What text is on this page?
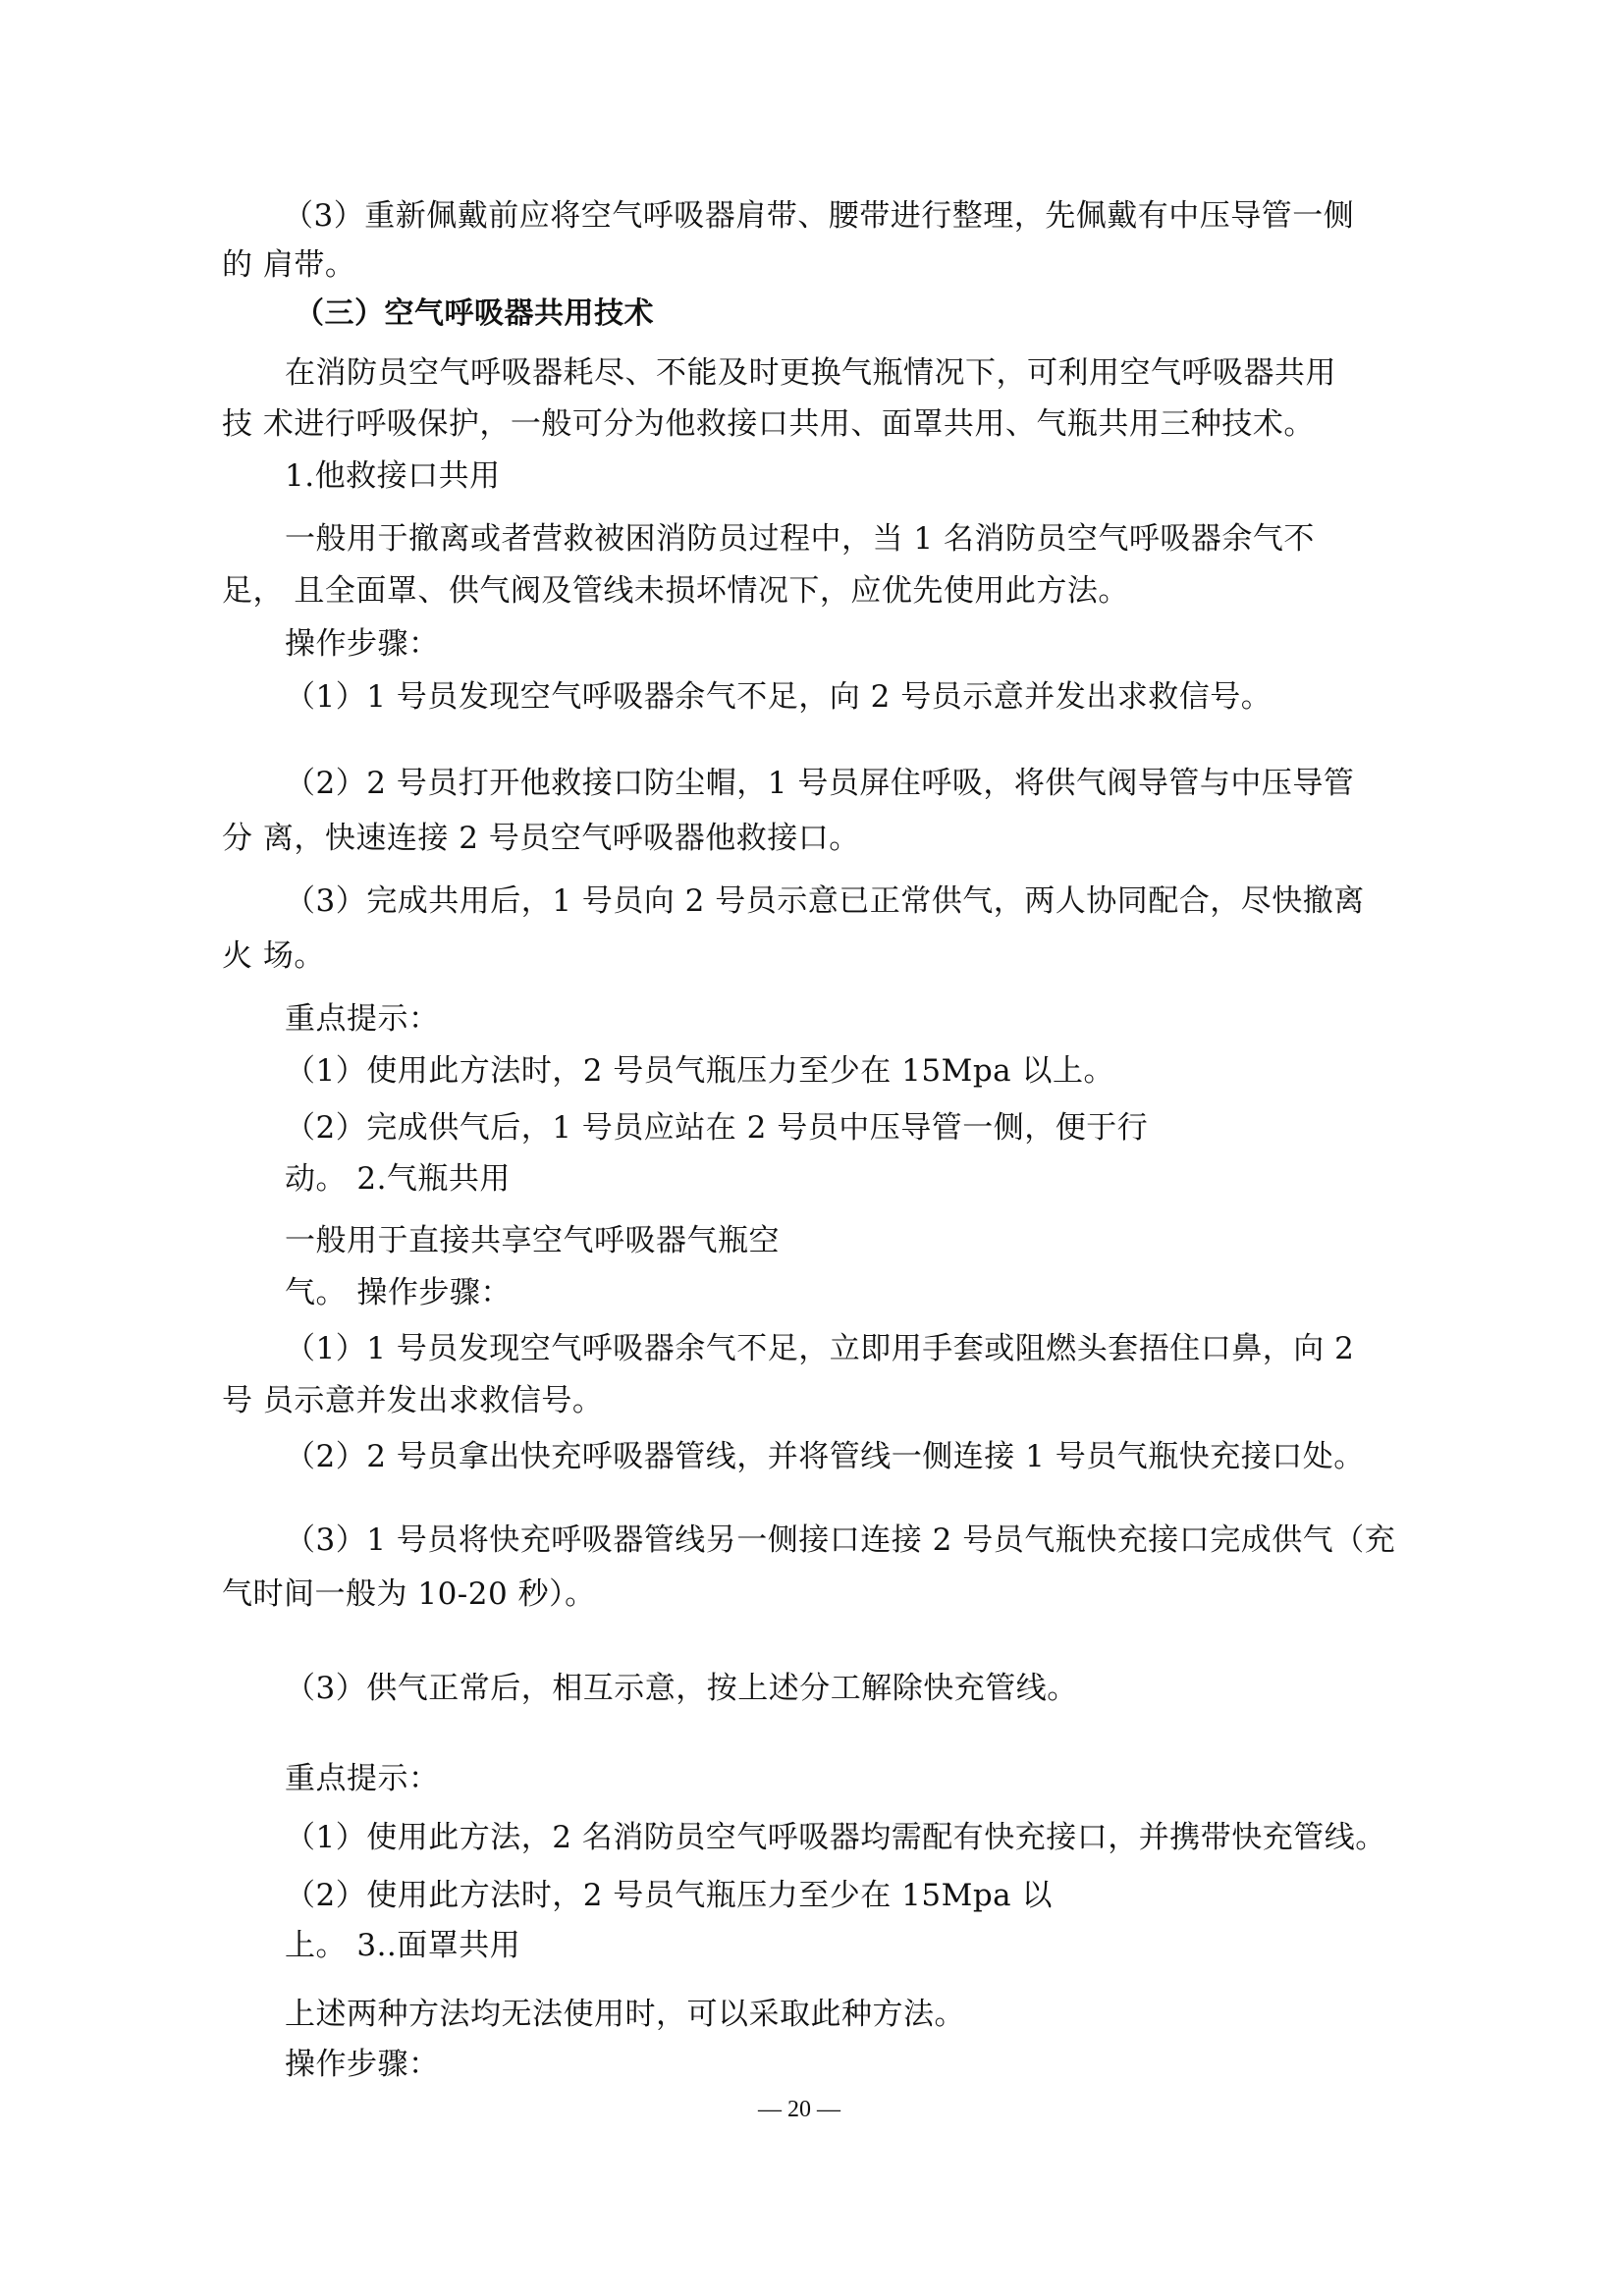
（3）重新佩戴前应将空气呼吸器肩带、腰带进行整理，先佩戴有中压导管一侧
的 肩带。
（三）空气呼吸器共用技术
在消防员空气呼吸器耗尽、不能及时更换气瓶情况下，可利用空气呼吸器共用
技 术进行呼吸保护，一般可分为他救接口共用、面罩共用、气瓶共用三种技术。
1.他救接口共用
一般用于撤离或者营救被困消防员过程中，当 1 名消防员空气呼吸器余气不
足， 且全面罩、供气阀及管线未损坏情况下，应优先使用此方法。
操作步骤：
（1）1 号员发现空气呼吸器余气不足，向 2 号员示意并发出求救信号。
（2）2 号员打开他救接口防尘帽，1 号员屏住呼吸，将供气阀导管与中压导管
分 离，快速连接 2 号员空气呼吸器他救接口。
（3）完成共用后，1 号员向 2 号员示意已正常供气，两人协同配合，尽快撤离
火 场。
重点提示：
（1）使用此方法时，2 号员气瓶压力至少在 15Mpa 以上。
（2）完成供气后，1 号员应站在 2 号员中压导管一侧，便于行
动。 2.气瓶共用
一般用于直接共享空气呼吸器气瓶空
气。 操作步骤：
（1）1 号员发现空气呼吸器余气不足，立即用手套或阻燃头套捂住口鼻，向 2
号 员示意并发出求救信号。
（2）2 号员拿出快充呼吸器管线，并将管线一侧连接 1 号员气瓶快充接口处。
（3）1 号员将快充呼吸器管线另一侧接口连接 2 号员气瓶快充接口完成供气（充
气时间一般为 10-20 秒）。
（3）供气正常后，相互示意，按上述分工解除快充管线。
重点提示：
（1）使用此方法，2 名消防员空气呼吸器均需配有快充接口，并携带快充管线。
（2）使用此方法时，2 号员气瓶压力至少在 15Mpa 以
上。 3..面罩共用
上述两种方法均无法使用时，可以采取此种方法。
操作步骤：
— 20 —
